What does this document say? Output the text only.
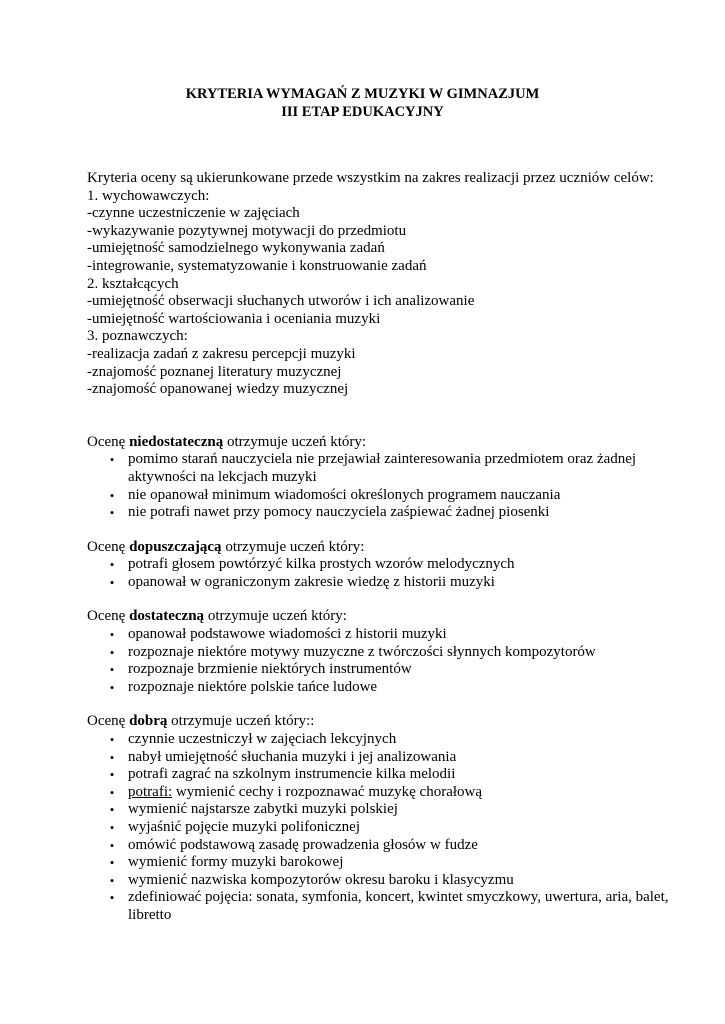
KRYTERIA WYMAGAŃ Z MUZYKI W GIMNAZJUM
III ETAP EDUKACYJNY
Kryteria oceny są ukierunkowane przede wszystkim na zakres realizacji przez uczniów celów:
1. wychowawczych:
-czynne uczestniczenie w zajęciach
-wykazywanie pozytywnej motywacji do przedmiotu
-umiejętność samodzielnego wykonywania zadań
-integrowanie, systematyzowanie i konstruowanie zadań
2. kształcących
-umiejętność obserwacji słuchanych utworów i ich analizowanie
-umiejętność wartościowania i oceniania muzyki
3. poznawczych:
-realizacja zadań z zakresu percepcji muzyki
-znajomość poznanej literatury muzycznej
-znajomość opanowanej wiedzy muzycznej
Ocenę niedostateczną otrzymuje uczeń który:
• pomimo starań nauczyciela nie przejawiał zainteresowania przedmiotem oraz żadnej aktywności na lekcjach muzyki
• nie opanował minimum wiadomości określonych programem nauczania
• nie potrafi nawet przy pomocy nauczyciela zaśpiewać żadnej piosenki
Ocenę dopuszczającą otrzymuje uczeń który:
• potrafi głosem powtórzyć kilka prostych wzorów melodycznych
• opanował w ograniczonym zakresie wiedzę z historii muzyki
Ocenę dostateczną otrzymuje uczeń który:
• opanował podstawowe wiadomości z historii muzyki
• rozpoznaje niektóre motywy muzyczne z twórczości słynnych kompozytorów
• rozpoznaje brzmienie niektórych instrumentów
• rozpoznaje niektóre polskie tańce ludowe
Ocenę dobrą otrzymuje uczeń który::
• czynnie uczestniczył w zajęciach lekcyjnych
• nabył umiejętność słuchania muzyki i jej analizowania
• potrafi zagrać na szkolnym instrumencie kilka melodii
• potrafi: wymienić cechy i rozpoznawać muzykę chorałową
• wymienić najstarsze zabytki muzyki polskiej
• wyjaśnić pojęcie muzyki polifonicznej
• omówić podstawową zasadę prowadzenia głosów w fudze
• wymienić formy muzyki barokowej
• wymienić nazwiska kompozytorów okresu baroku i klasycyzmu
• zdefiniować pojęcia: sonata, symfonia, koncert, kwintet smyczkowy, uwertura, aria, balet, libretto
